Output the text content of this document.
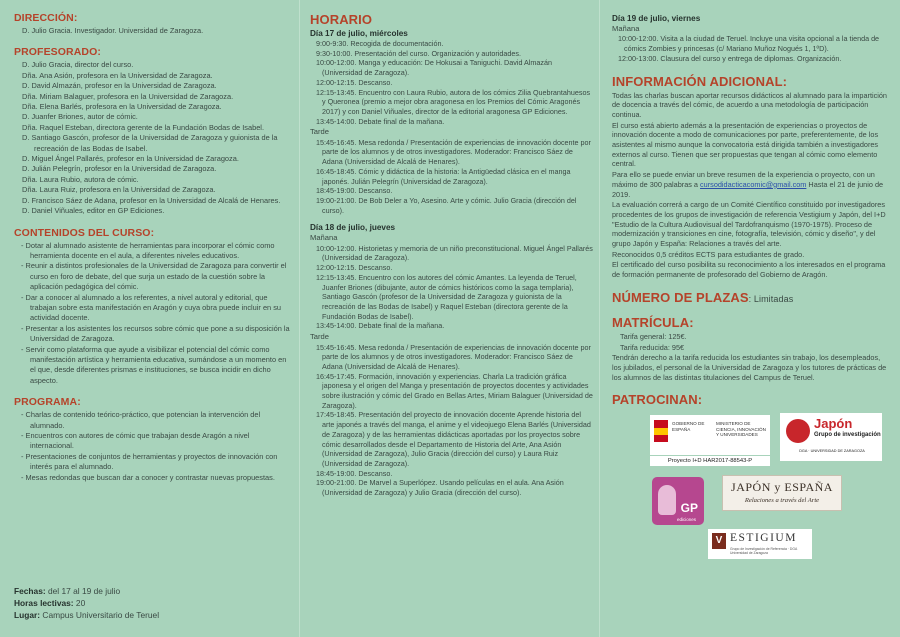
DIRECCIÓN:
D. Julio Gracia. Investigador. Universidad de Zaragoza.
PROFESORADO:
D. Julio Gracia, director del curso.
Dña. Ana Asión, profesora en la Universidad de Zaragoza.
D. David Almazán, profesor en la Universidad de Zaragoza.
Dña. Miriam Balaguer, profesora en la Universidad de Zaragoza.
Dña. Elena Barlés, profesora en la Universidad de Zaragoza.
D. Juanfer Briones, autor de cómic.
Dña. Raquel Esteban, directora gerente de la Fundación Bodas de Isabel.
D. Santiago Gascón, profesor de la Universidad de Zaragoza y guionista de la recreación de las Bodas de Isabel.
D. Miguel Ángel Pallarés, profesor en la Universidad de Zaragoza.
D. Julián Pelegrín, profesor en la Universidad de Zaragoza.
Dña. Laura Rubio, autora de cómic.
Dña. Laura Ruiz, profesora en la Universidad de Zaragoza.
D. Francisco Sáez de Adana, profesor en la Universidad de Alcalá de Henares.
D. Daniel Viñuales, editor en GP Ediciones.
CONTENIDOS DEL CURSO:
- Dotar al alumnado asistente de herramientas para incorporar el cómic como herramienta docente en el aula, a diferentes niveles educativos.
- Reunir a distintos profesionales de la Universidad de Zaragoza para convertir el curso en foro de debate, del que surja un estado de la cuestión sobre la aplicación pedagógica del cómic.
- Dar a conocer al alumnado a los referentes, a nivel autoral y editorial, que trabajan sobre esta manifestación en Aragón y cuya obra puede incluir en su actividad docente.
- Presentar a los asistentes los recursos sobre cómic que pone a su disposición la Universidad de Zaragoza.
- Servir como plataforma que ayude a visibilizar el potencial del cómic como manifestación artística y herramienta educativa, sumándose a un momento en el que, desde diferentes prismas e instituciones, se busca incidir en dicho aspecto.
PROGRAMA:
- Charlas de contenido teórico-práctico, que potencian la intervención del alumnado.
- Encuentros con autores de cómic que trabajan desde Aragón a nivel internacional.
- Presentaciones de conjuntos de herramientas y proyectos de innovación con interés para el alumnado.
- Mesas redondas que buscan dar a conocer y contrastar nuevas propuestas.
Fechas: del 17 al 19 de julio
Horas lectivas: 20
Lugar: Campus Universitario de Teruel
HORARIO
Día 17 de julio, miércoles
9:00-9:30. Recogida de documentación.
9:30-10:00. Presentación del curso. Organización y autoridades.
10:00-12:00. Manga y educación: De Hokusai a Taniguchi. David Almazán (Universidad de Zaragoza).
12:00-12:15. Descanso.
12:15-13:45. Encuentro con Laura Rubio, autora de los cómics Zilia Quebrantahuesos y Queronea (premio a mejor obra aragonesa en los Premios del Cómic Aragonés 2017) y con Daniel Viñuales, director de la editorial aragonesa GP Ediciones.
13:45-14:00. Debate final de la mañana.
Tarde
15:45-16:45. Mesa redonda / Presentación de experiencias de innovación docente por parte de los alumnos y de otros investigadores. Moderador: Francisco Sáez de Adana (Universidad de Alcalá de Henares).
16:45-18:45. Cómic y didáctica de la historia: la Antigüedad clásica en el manga japonés. Julián Pelegrín (Universidad de Zaragoza).
18:45-19:00. Descanso.
19:00-21:00. De Bob Deler a Yo, Asesino. Arte y cómic. Julio Gracia (dirección del curso).
Día 18 de julio, jueves
Mañana
10:00-12:00. Historietas y memoria de un niño preconstitucional. Miguel Ángel Pallarés (Universidad de Zaragoza).
12:00-12:15. Descanso.
12:15-13:45. Encuentro con los autores del cómic Amantes. La leyenda de Teruel, Juanfer Briones (dibujante, autor de cómics históricos como la saga templaria), Santiago Gascón (profesor de la Universidad de Zaragoza y guionista de la recreación de las Bodas de Isabel) y Raquel Esteban (directora gerente de la Fundación Bodas de Isabel).
13:45-14:00. Debate final de la mañana.
Tarde
15:45-16:45. Mesa redonda / Presentación de experiencias de innovación docente por parte de los alumnos y de otros investigadores. Moderador: Francisco Sáez de Adana (Universidad de Alcalá de Henares).
16:45-17:45. Formación, innovación y experiencias. Charla La tradición gráfica japonesa y el origen del Manga y presentación de proyectos docentes y actividades sobre ilustración y cómic del Grado en Bellas Artes, Miriam Balaguer (Universidad de Zaragoza).
17:45-18:45. Presentación del proyecto de innovación docente Aprende historia del arte japonés a través del manga, el anime y el videojuego Elena Barlés (Universidad de Zaragoza) y de las herramientas didácticas aportadas por los proyectos sobre cómic desarrollados desde el Departamento de Historia del Arte, Ana Asión (Universidad de Zaragoza), Julio Gracia (dirección del curso) y Laura Ruiz (Universidad de Zaragoza).
18:45-19:00. Descanso.
19:00-21:00. De Marvel a Superlópez. Usando películas en el aula. Ana Asión (Universidad de Zaragoza) y Julio Gracia (dirección del curso).
Día 19 de julio, viernes
Mañana
10:00-12:00. Visita a la ciudad de Teruel. Incluye una visita opcional a la tienda de cómics Zombies y princesas (c/ Mariano Muñoz Nogués 1, 1ºD).
12:00-13:00. Clausura del curso y entrega de diplomas. Organización.
INFORMACIÓN ADICIONAL:
Todas las charlas buscan aportar recursos didácticos al alumnado para la impartición de docencia a través del cómic, de acuerdo a una metodología de participación continua.
El curso está abierto además a la presentación de experiencias o proyectos de innovación docente a modo de comunicaciones por parte, preferentemente, de los asistentes al mismo aunque la convocatoria está dirigida también a investigadores externos al curso. Tienen que ser propuestas que tengan al cómic como elemento central.
Para ello se puede enviar un breve resumen de la experiencia o proyecto, con un máximo de 300 palabras a cursodidacticacomic@gmail.com Hasta el 21 de junio de 2019.
La evaluación correrá a cargo de un Comité Científico constituido por investigadores procedentes de los grupos de investigación de referencia Vestigium y Japón, del I+D "Estudio de la Cultura Audiovisual del Tardofranquismo (1970-1975). Proceso de modernización y transiciones en cine, fotografía, televisión, cómic y diseño", y del grupo Japón y España: Relaciones a través del arte.
Reconocidos 0,5 créditos ECTS para estudiantes de grado.
El certificado del curso posibilita su reconocimiento a los interesados en el programa de formación permanente de profesorado del Gobierno de Aragón.
NÚMERO DE PLAZAS: Limitadas
MATRÍCULA:
Tarifa general: 125€.
Tarifa reducida: 95€
Tendrán derecho a la tarifa reducida los estudiantes sin trabajo, los desempleados, los jubilados, el personal de la Universidad de Zaragoza y los tutores de prácticas de los alumnos de las distintas titulaciones del Campus de Teruel.
PATROCINAN:
GOBIERNO DE ESPAÑA
MINISTERIO DE CIENCIA, INNOVACIÓN Y UNIVERSIDADES
Proyecto I+D HAR2017-88543-P
Japón
Grupo de investigación
DGA · UNIVERSIDAD DE ZARAGOZA
GP
ediciones
JAPÓN y ESPAÑA
Relaciones a través del Arte
V ESTIGIUM
Grupo de Investigación de Referencia · DGA Universidad de Zaragoza
